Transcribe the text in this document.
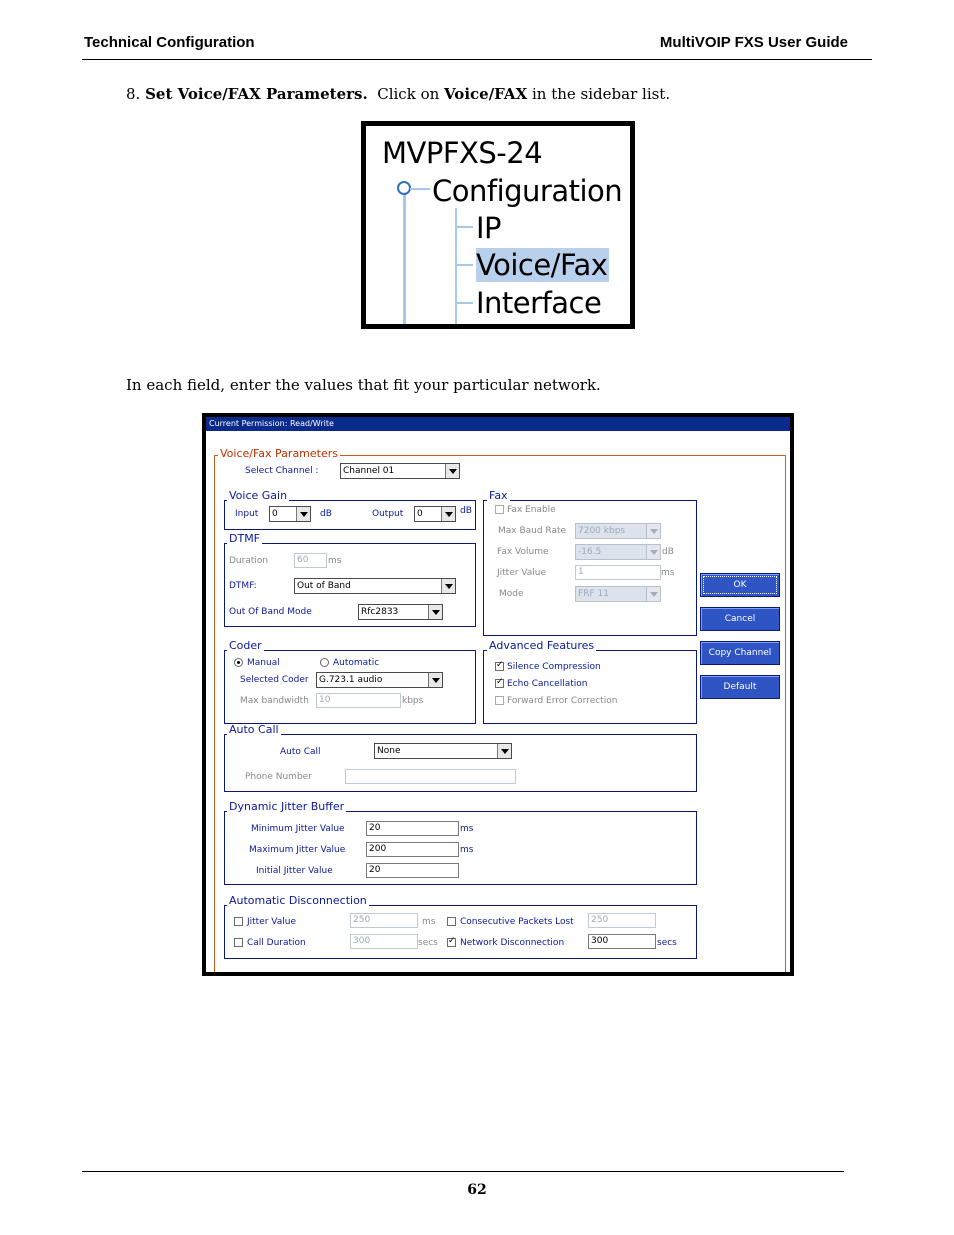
Technical Configuration	MultiVOIP FXS User Guide
8. Set Voice/FAX Parameters. Click on Voice/FAX in the sidebar list.
MVPFXS-24
Configuration
IP
Voice/Fax
Interface
In each field, enter the values that fit your particular network.
Current Permission: Read/Write
Voice/Fax Parameters
Select Channel :	Channel 01
Voice Gain
Input	0	dB	Output	0	dB
Fax
Fax Enable
Max Baud Rate	7200 kbps
Fax Volume	-16.5	dB
Jitter Value	1	ms
Mode	FRF 11
DTMF
Duration	60	ms
DTMF:	Out of Band
Out Of Band Mode	Rfc2833
Coder
Manual	Automatic
Selected Coder	G.723.1 audio
Max bandwidth	10	kbps
Advanced Features
✓
Silence Compression
✓
Echo Cancellation
Forward Error Correction
Auto Call
Auto Call	None
Phone Number
Dynamic Jitter Buffer
Minimum Jitter Value	20	ms
Maximum Jitter Value	200	ms
Initial Jitter Value	20
Automatic Disconnection
Jitter Value	250	ms	Consecutive Packets Lost	250
Call Duration	300	secs
✓ Network Disconnection	300	secs
OK
Cancel
Copy Channel
Default
62
